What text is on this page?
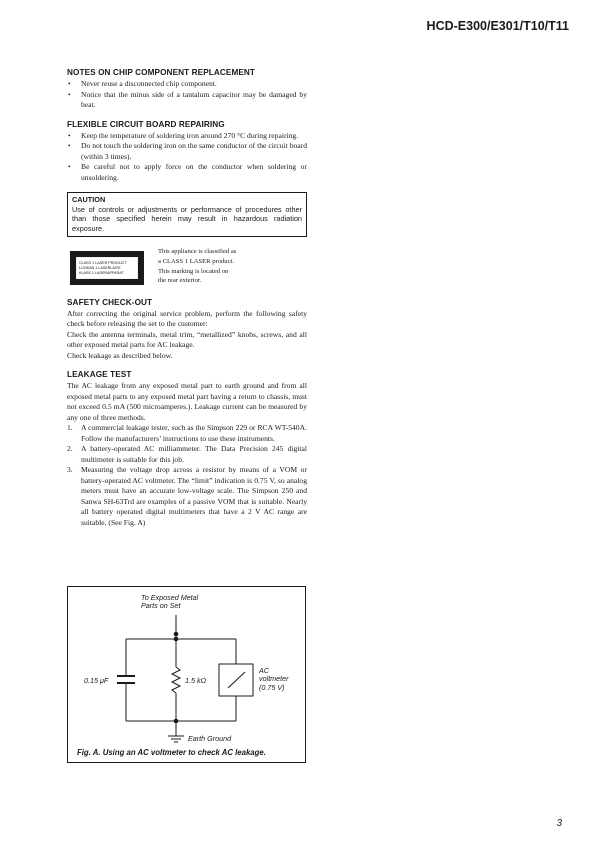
HCD-E300/E301/T10/T11
NOTES ON CHIP COMPONENT REPLACEMENT
• Never reuse a disconnected chip component.
• Notice that the minus side of a tantalum capacitor may be damaged by heat.
FLEXIBLE CIRCUIT BOARD REPAIRING
• Keep the temperature of soldering iron around 270 °C during repairing.
• Do not touch the soldering iron on the same conductor of the circuit board (within 3 times).
• Be careful not to apply force on the conductor when soldering or unsoldering.
CAUTION
Use of controls or adjustments or performance of procedures other than those specified herein may result in hazardous radiation exposure.
CLASS 1 LASER PRODUCT
LUOKAN 1 LASERLAITE
KLASS 1 LASERAPPARAT
This appliance is classified as a CLASS 1 LASER product. This marking is located on the rear exterior.
SAFETY CHECK-OUT

After correcting the original service problem, perform the following safety check before releasing the set to the customer:

Check the antenna terminals, metal trim, “metallized” knobs, screws, and all other exposed metal parts for AC leakage.

Check leakage as described below.

LEAKAGE TEST

The AC leakage from any exposed metal part to earth ground and from all exposed metal parts to any exposed metal part having a return to chassis, must not exceed 0.5 mA (500 microamperes.). Leakage current can be measured by any one of three methods.

1. A commercial leakage tester, such as the Simpson 229 or RCA WT-540A. Follow the manufacturers’ instructions to use these instruments.
2. A battery-operated AC milliammeter. The Data Precision 245 digital multimeter is suitable for this job.
3. Measuring the voltage drop across a resistor by means of a VOM or battery-operated AC voltmeter. The “limit” indication is 0.75 V, so analog meters must have an accurate low-voltage scale. The Simpson 250 and Sanwa SH-63Trd are examples of a passive VOM that is suitable. Nearly all battery operated digital multimeters that have a 2 V AC range are suitable. (See Fig. A)
To Exposed Metal
Parts on Set
0.15 μF	1.5 kΩ
AC
voltmeter
(0.75 V)
Earth Ground
Fig. A. Using an AC voltmeter to check AC leakage.
3
